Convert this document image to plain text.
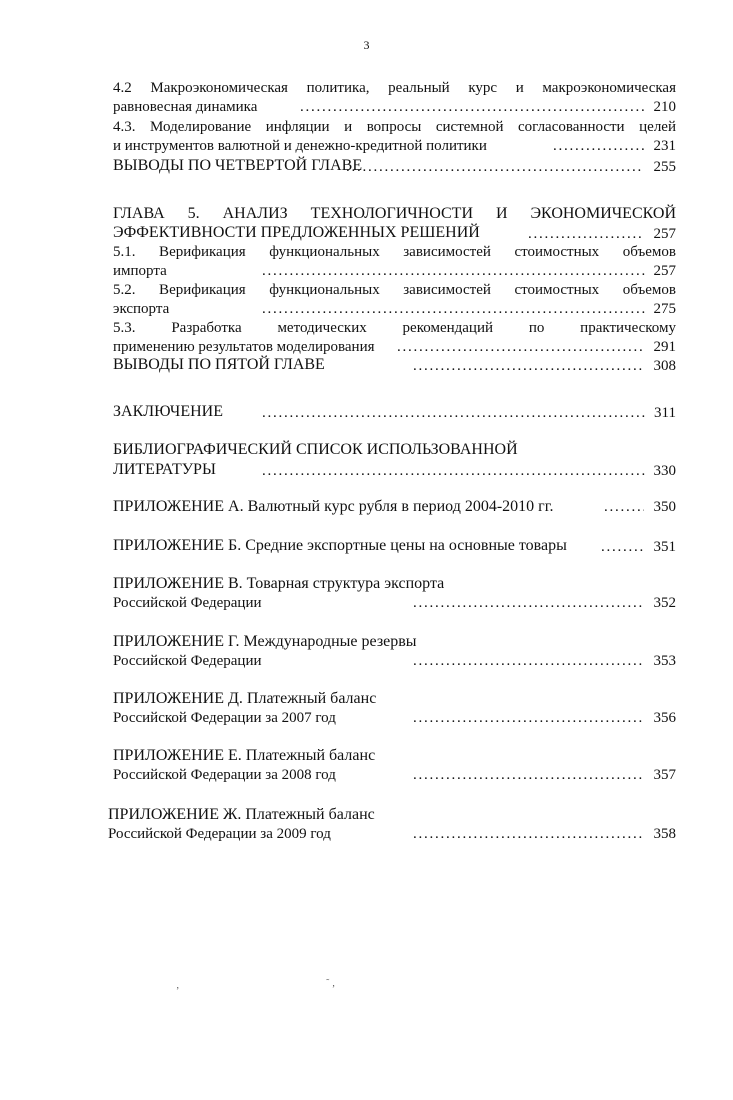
3
4.2 Макроэкономическая политика, реальный курс и макроэкономическая
равновесная динамика . . .	210
4.3. Моделирование инфляции и вопросы системной согласованности целей
и инструментов валютной и денежно-кредитной политики . . .	231
ВЫВОДЫ ПО ЧЕТВЕРТОЙ ГЛАВЕ . . .	255
ГЛАВА 5. АНАЛИЗ ТЕХНОЛОГИЧНОСТИ И ЭКОНОМИЧЕСКОЙ
ЭФФЕКТИВНОСТИ ПРЕДЛОЖЕННЫХ РЕШЕНИЙ . . .	257
5.1. Верификация функциональных зависимостей стоимостных объемов
импорта . . .	257
5.2. Верификация функциональных зависимостей стоимостных объемов
экспорта . . .	275
5.3. Разработка методических рекомендаций по практическому
применению результатов моделирования . . .	291
ВЫВОДЫ ПО ПЯТОЙ ГЛАВЕ . . .	308
ЗАКЛЮЧЕНИЕ . . .	311
БИБЛИОГРАФИЧЕСКИЙ СПИСОК ИСПОЛЬЗОВАННОЙ
ЛИТЕРАТУРЫ . . .	330
ПРИЛОЖЕНИЕ А. Валютный курс рубля в период 2004-2010 гг. . . .	350
ПРИЛОЖЕНИЕ Б. Средние экспортные цены на основные товары . . .	351
ПРИЛОЖЕНИЕ В. Товарная структура экспорта
Российской Федерации . . .	352
ПРИЛОЖЕНИЕ Г. Международные резервы
Российской Федерации . . .	353
ПРИЛОЖЕНИЕ Д. Платежный баланс
Российской Федерации за 2007 год . . .	356
ПРИЛОЖЕНИЕ Е. Платежный баланс
Российской Федерации за 2008 год . . .	357
ПРИЛОЖЕНИЕ Ж. Платежный баланс
Российской Федерации за 2009 год . . .	358
‚	˜ ‚
